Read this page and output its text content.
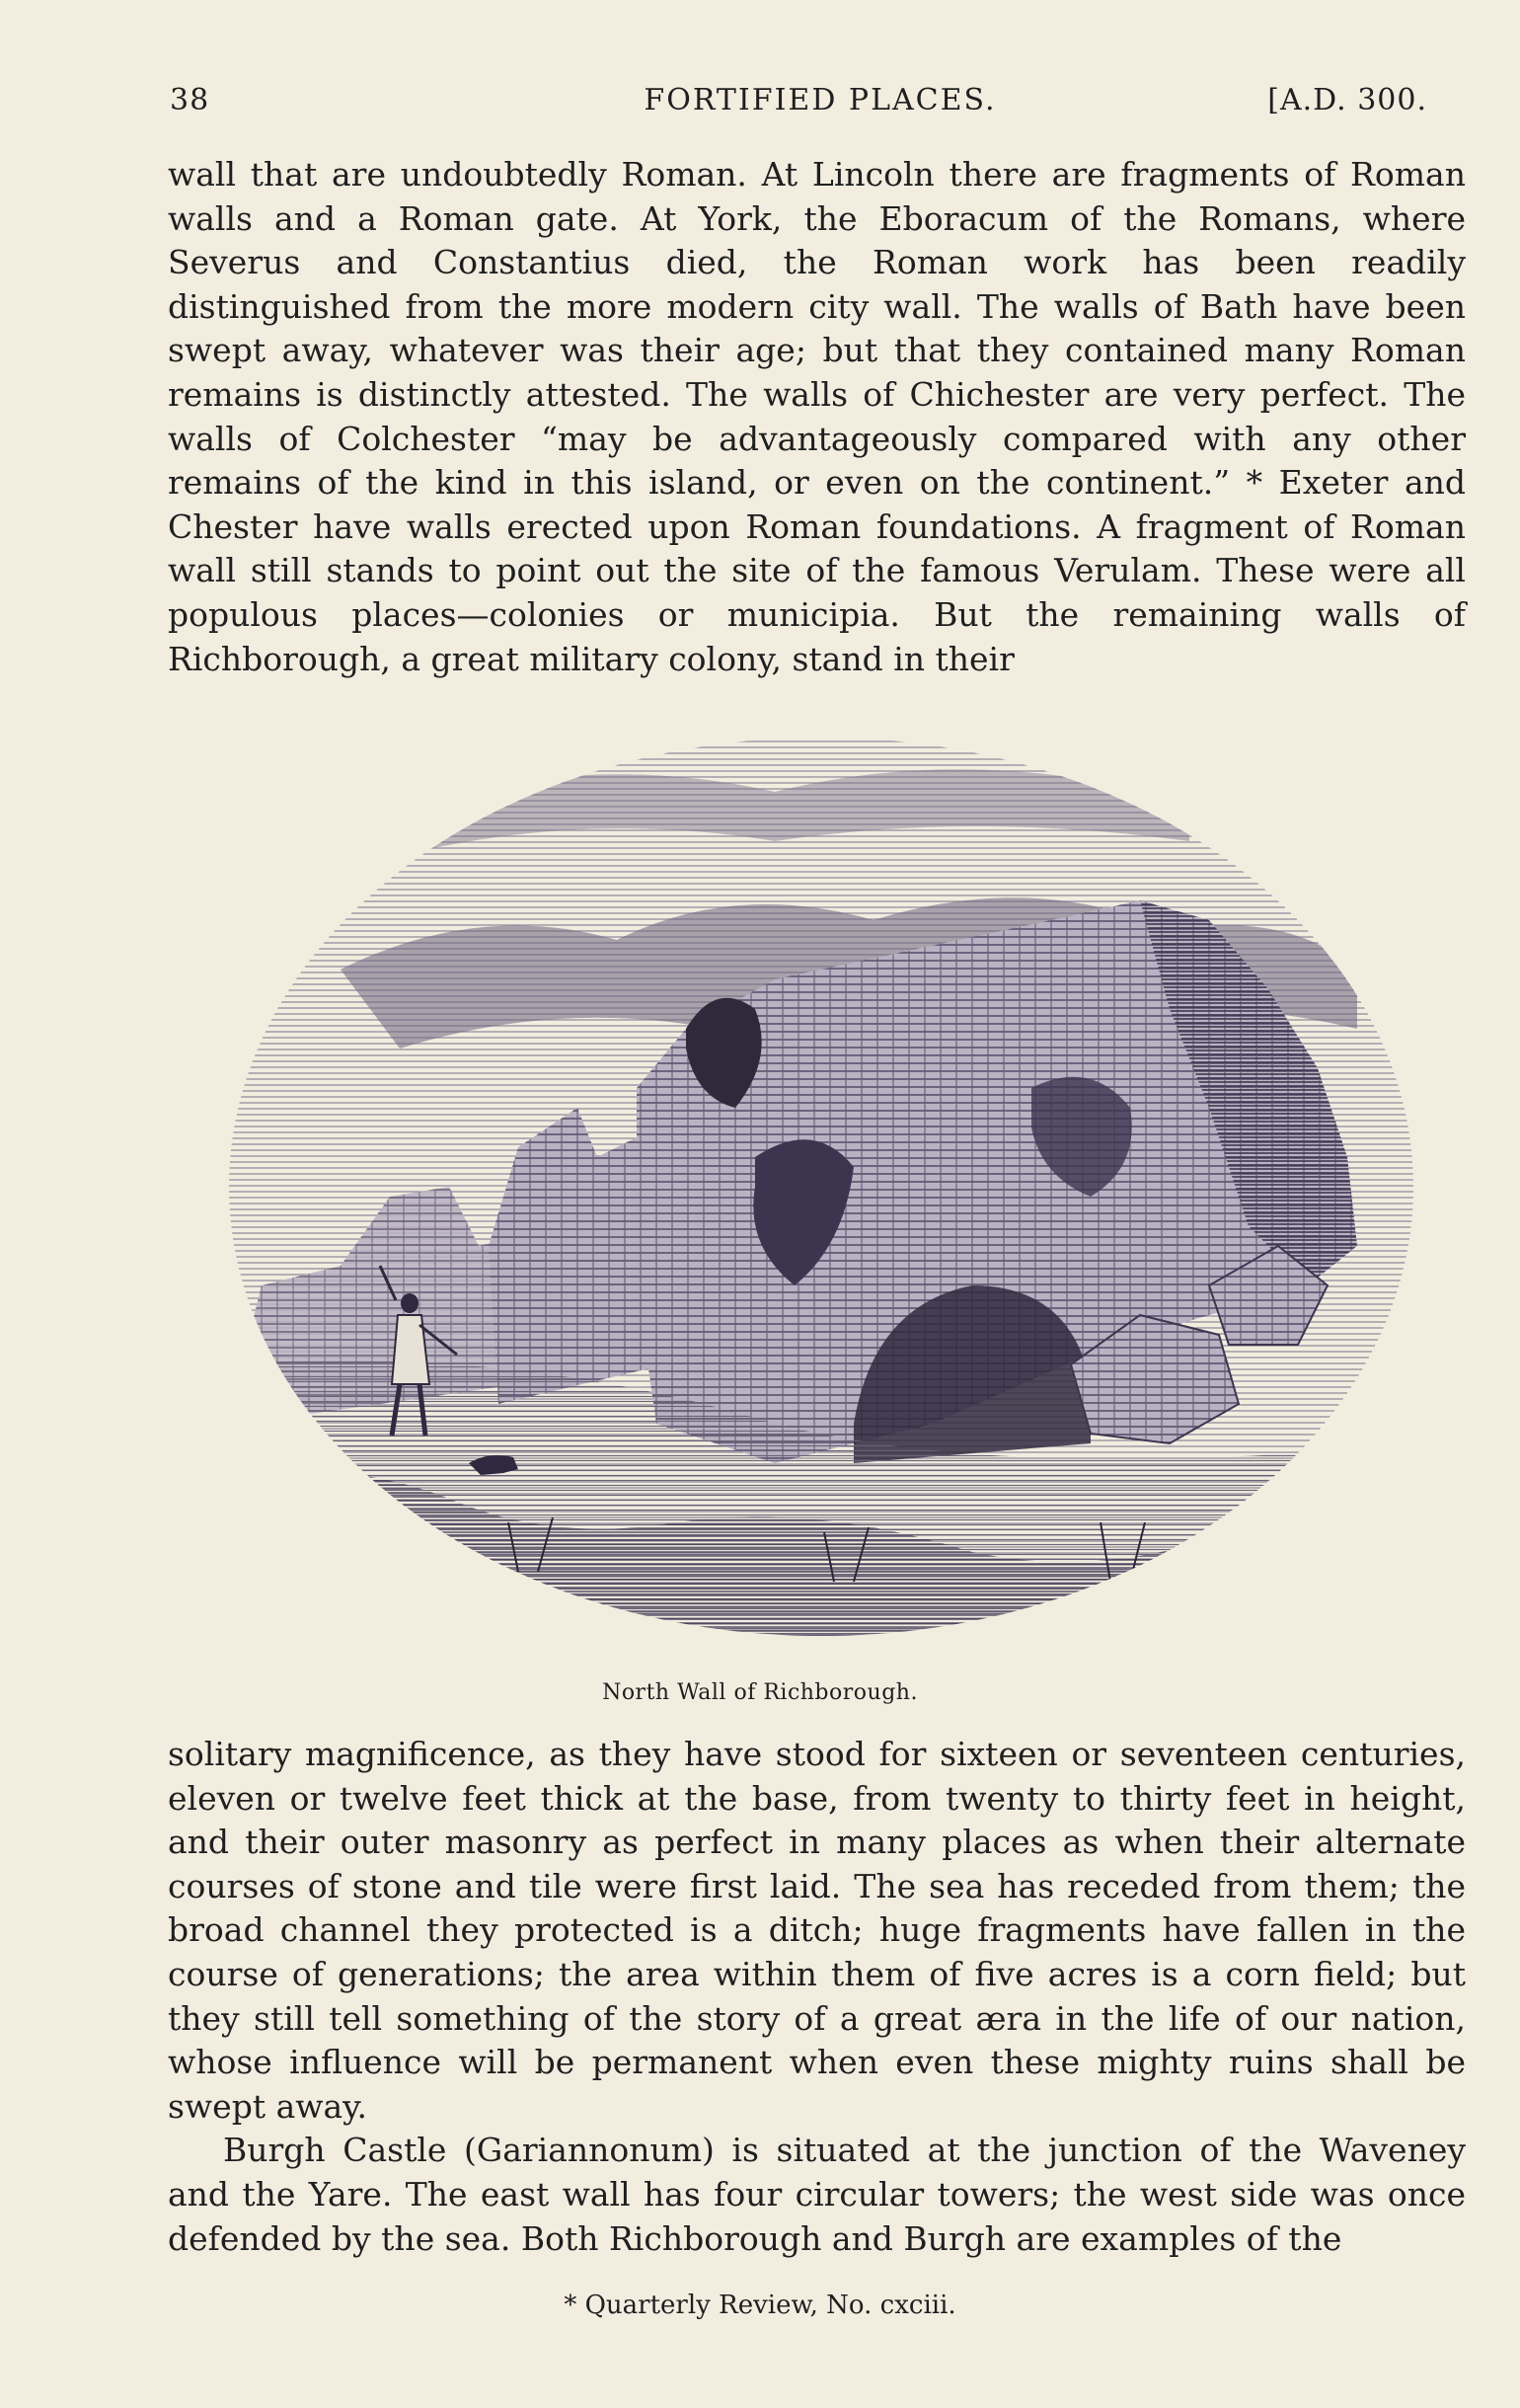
38	FORTIFIED PLACES.	[A.D. 300.

wall that are undoubtedly Roman. At Lincoln there are fragments of Roman walls and a Roman gate. At York, the Eboracum of the Romans, where Severus and Constantius died, the Roman work has been readily distinguished from the more modern city wall. The walls of Bath have been swept away, whatever was their age; but that they contained many Roman remains is distinctly attested. The walls of Chichester are very perfect. The walls of Colchester “may be advantageously compared with any other remains of the kind in this island, or even on the continent.” * Exeter and Chester have walls erected upon Roman foundations. A fragment of Roman wall still stands to point out the site of the famous Verulam. These were all populous places—colonies or municipia. But the remaining walls of Richborough, a great military colony, stand in their

North Wall of Richborough.

solitary magnificence, as they have stood for sixteen or seventeen centuries, eleven or twelve feet thick at the base, from twenty to thirty feet in height, and their outer masonry as perfect in many places as when their alternate courses of stone and tile were first laid. The sea has receded from them; the broad channel they protected is a ditch; huge fragments have fallen in the course of generations; the area within them of five acres is a corn field; but they still tell something of the story of a great æra in the life of our nation, whose influence will be permanent when even these mighty ruins shall be swept away.

Burgh Castle (Gariannonum) is situated at the junction of the Waveney and the Yare. The east wall has four circular towers; the west side was once defended by the sea. Both Richborough and Burgh are examples of the

* Quarterly Review, No. cxciii.
